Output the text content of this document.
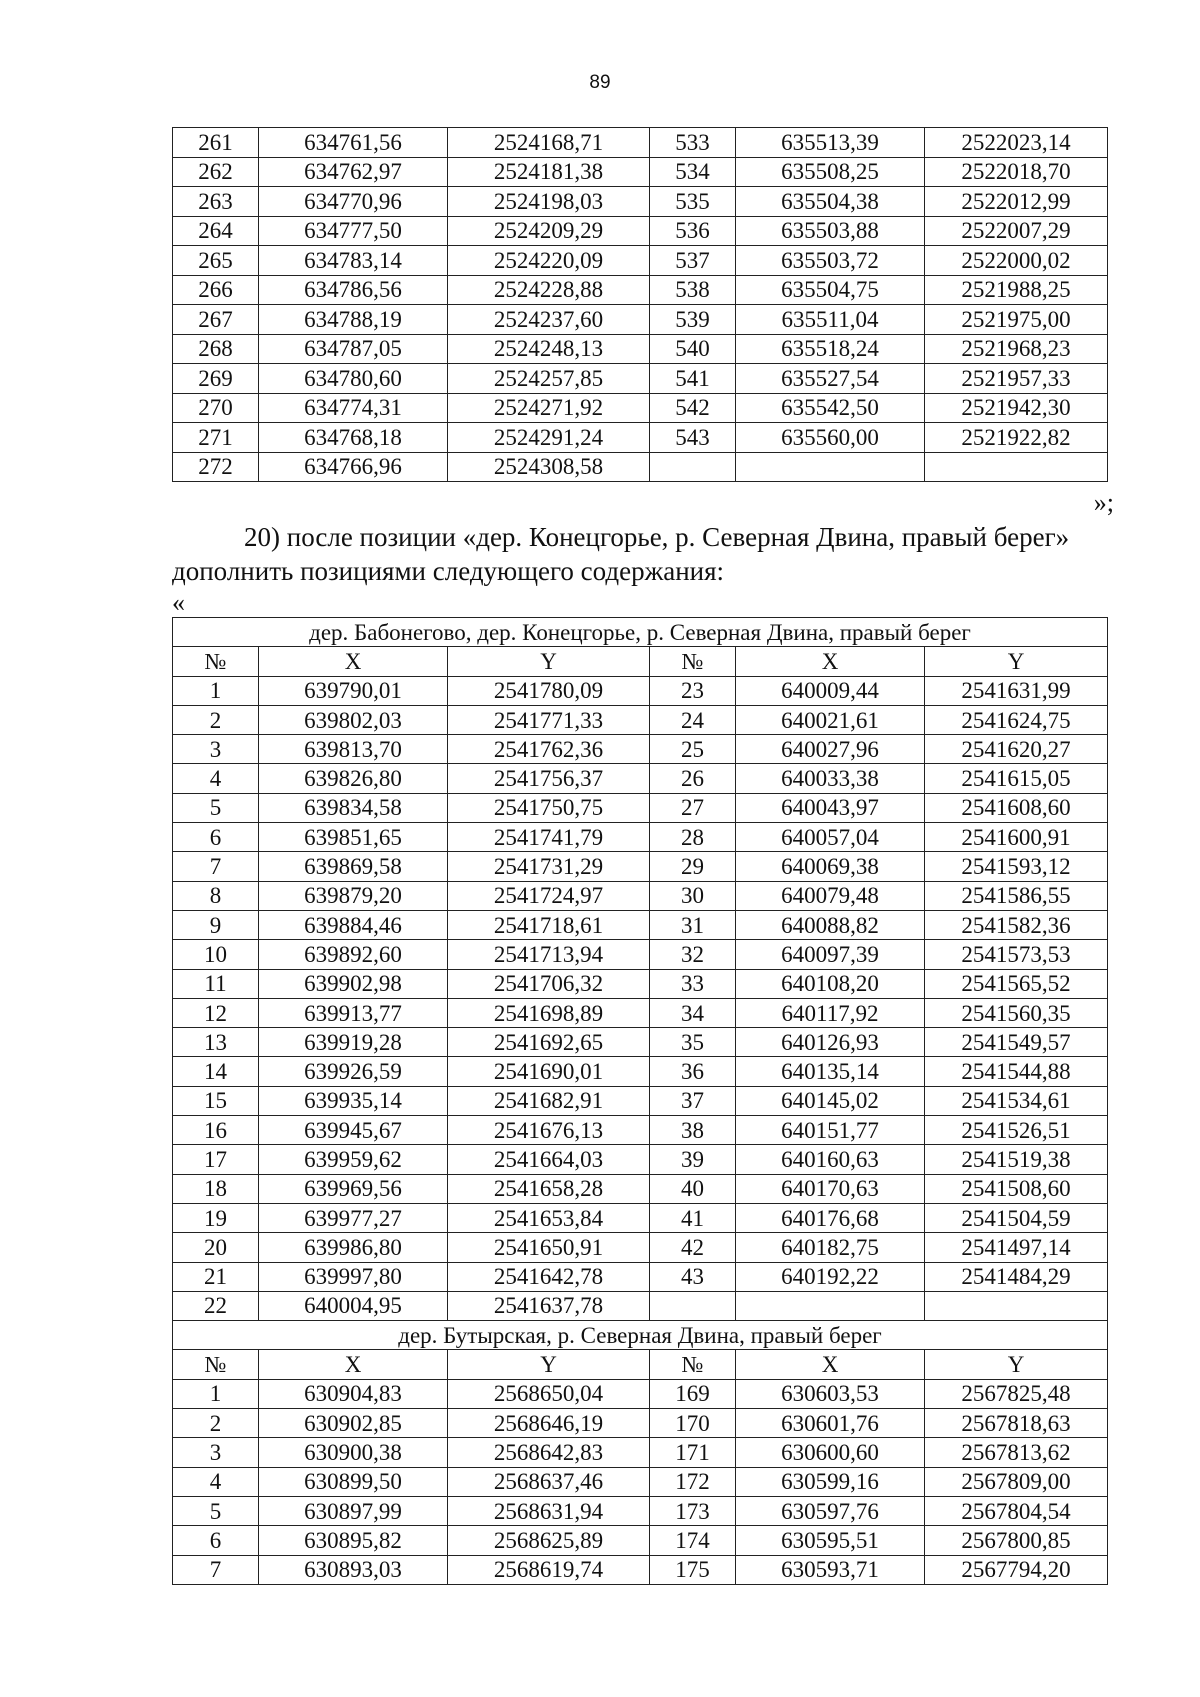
89
261	634761,56	2524168,71	533	635513,39	2522023,14
262	634762,97	2524181,38	534	635508,25	2522018,70
263	634770,96	2524198,03	535	635504,38	2522012,99
264	634777,50	2524209,29	536	635503,88	2522007,29
265	634783,14	2524220,09	537	635503,72	2522000,02
266	634786,56	2524228,88	538	635504,75	2521988,25
267	634788,19	2524237,60	539	635511,04	2521975,00
268	634787,05	2524248,13	540	635518,24	2521968,23
269	634780,60	2524257,85	541	635527,54	2521957,33
270	634774,31	2524271,92	542	635542,50	2521942,30
271	634768,18	2524291,24	543	635560,00	2521922,82
272	634766,96	2524308,58			
»;
20) после позиции «дер. Конецгорье, р. Северная Двина, правый берег»
дополнить позициями следующего содержания:
«
дер. Бабонегово, дер. Конецгорье, р. Северная Двина, правый берег					
№	X	Y	№	X	Y
1	639790,01	2541780,09	23	640009,44	2541631,99
2	639802,03	2541771,33	24	640021,61	2541624,75
3	639813,70	2541762,36	25	640027,96	2541620,27
4	639826,80	2541756,37	26	640033,38	2541615,05
5	639834,58	2541750,75	27	640043,97	2541608,60
6	639851,65	2541741,79	28	640057,04	2541600,91
7	639869,58	2541731,29	29	640069,38	2541593,12
8	639879,20	2541724,97	30	640079,48	2541586,55
9	639884,46	2541718,61	31	640088,82	2541582,36
10	639892,60	2541713,94	32	640097,39	2541573,53
11	639902,98	2541706,32	33	640108,20	2541565,52
12	639913,77	2541698,89	34	640117,92	2541560,35
13	639919,28	2541692,65	35	640126,93	2541549,57
14	639926,59	2541690,01	36	640135,14	2541544,88
15	639935,14	2541682,91	37	640145,02	2541534,61
16	639945,67	2541676,13	38	640151,77	2541526,51
17	639959,62	2541664,03	39	640160,63	2541519,38
18	639969,56	2541658,28	40	640170,63	2541508,60
19	639977,27	2541653,84	41	640176,68	2541504,59
20	639986,80	2541650,91	42	640182,75	2541497,14
21	639997,80	2541642,78	43	640192,22	2541484,29
22	640004,95	2541637,78			
дер. Бутырская, р. Северная Двина, правый берег					
№	X	Y	№	X	Y
1	630904,83	2568650,04	169	630603,53	2567825,48
2	630902,85	2568646,19	170	630601,76	2567818,63
3	630900,38	2568642,83	171	630600,60	2567813,62
4	630899,50	2568637,46	172	630599,16	2567809,00
5	630897,99	2568631,94	173	630597,76	2567804,54
6	630895,82	2568625,89	174	630595,51	2567800,85
7	630893,03	2568619,74	175	630593,71	2567794,20
